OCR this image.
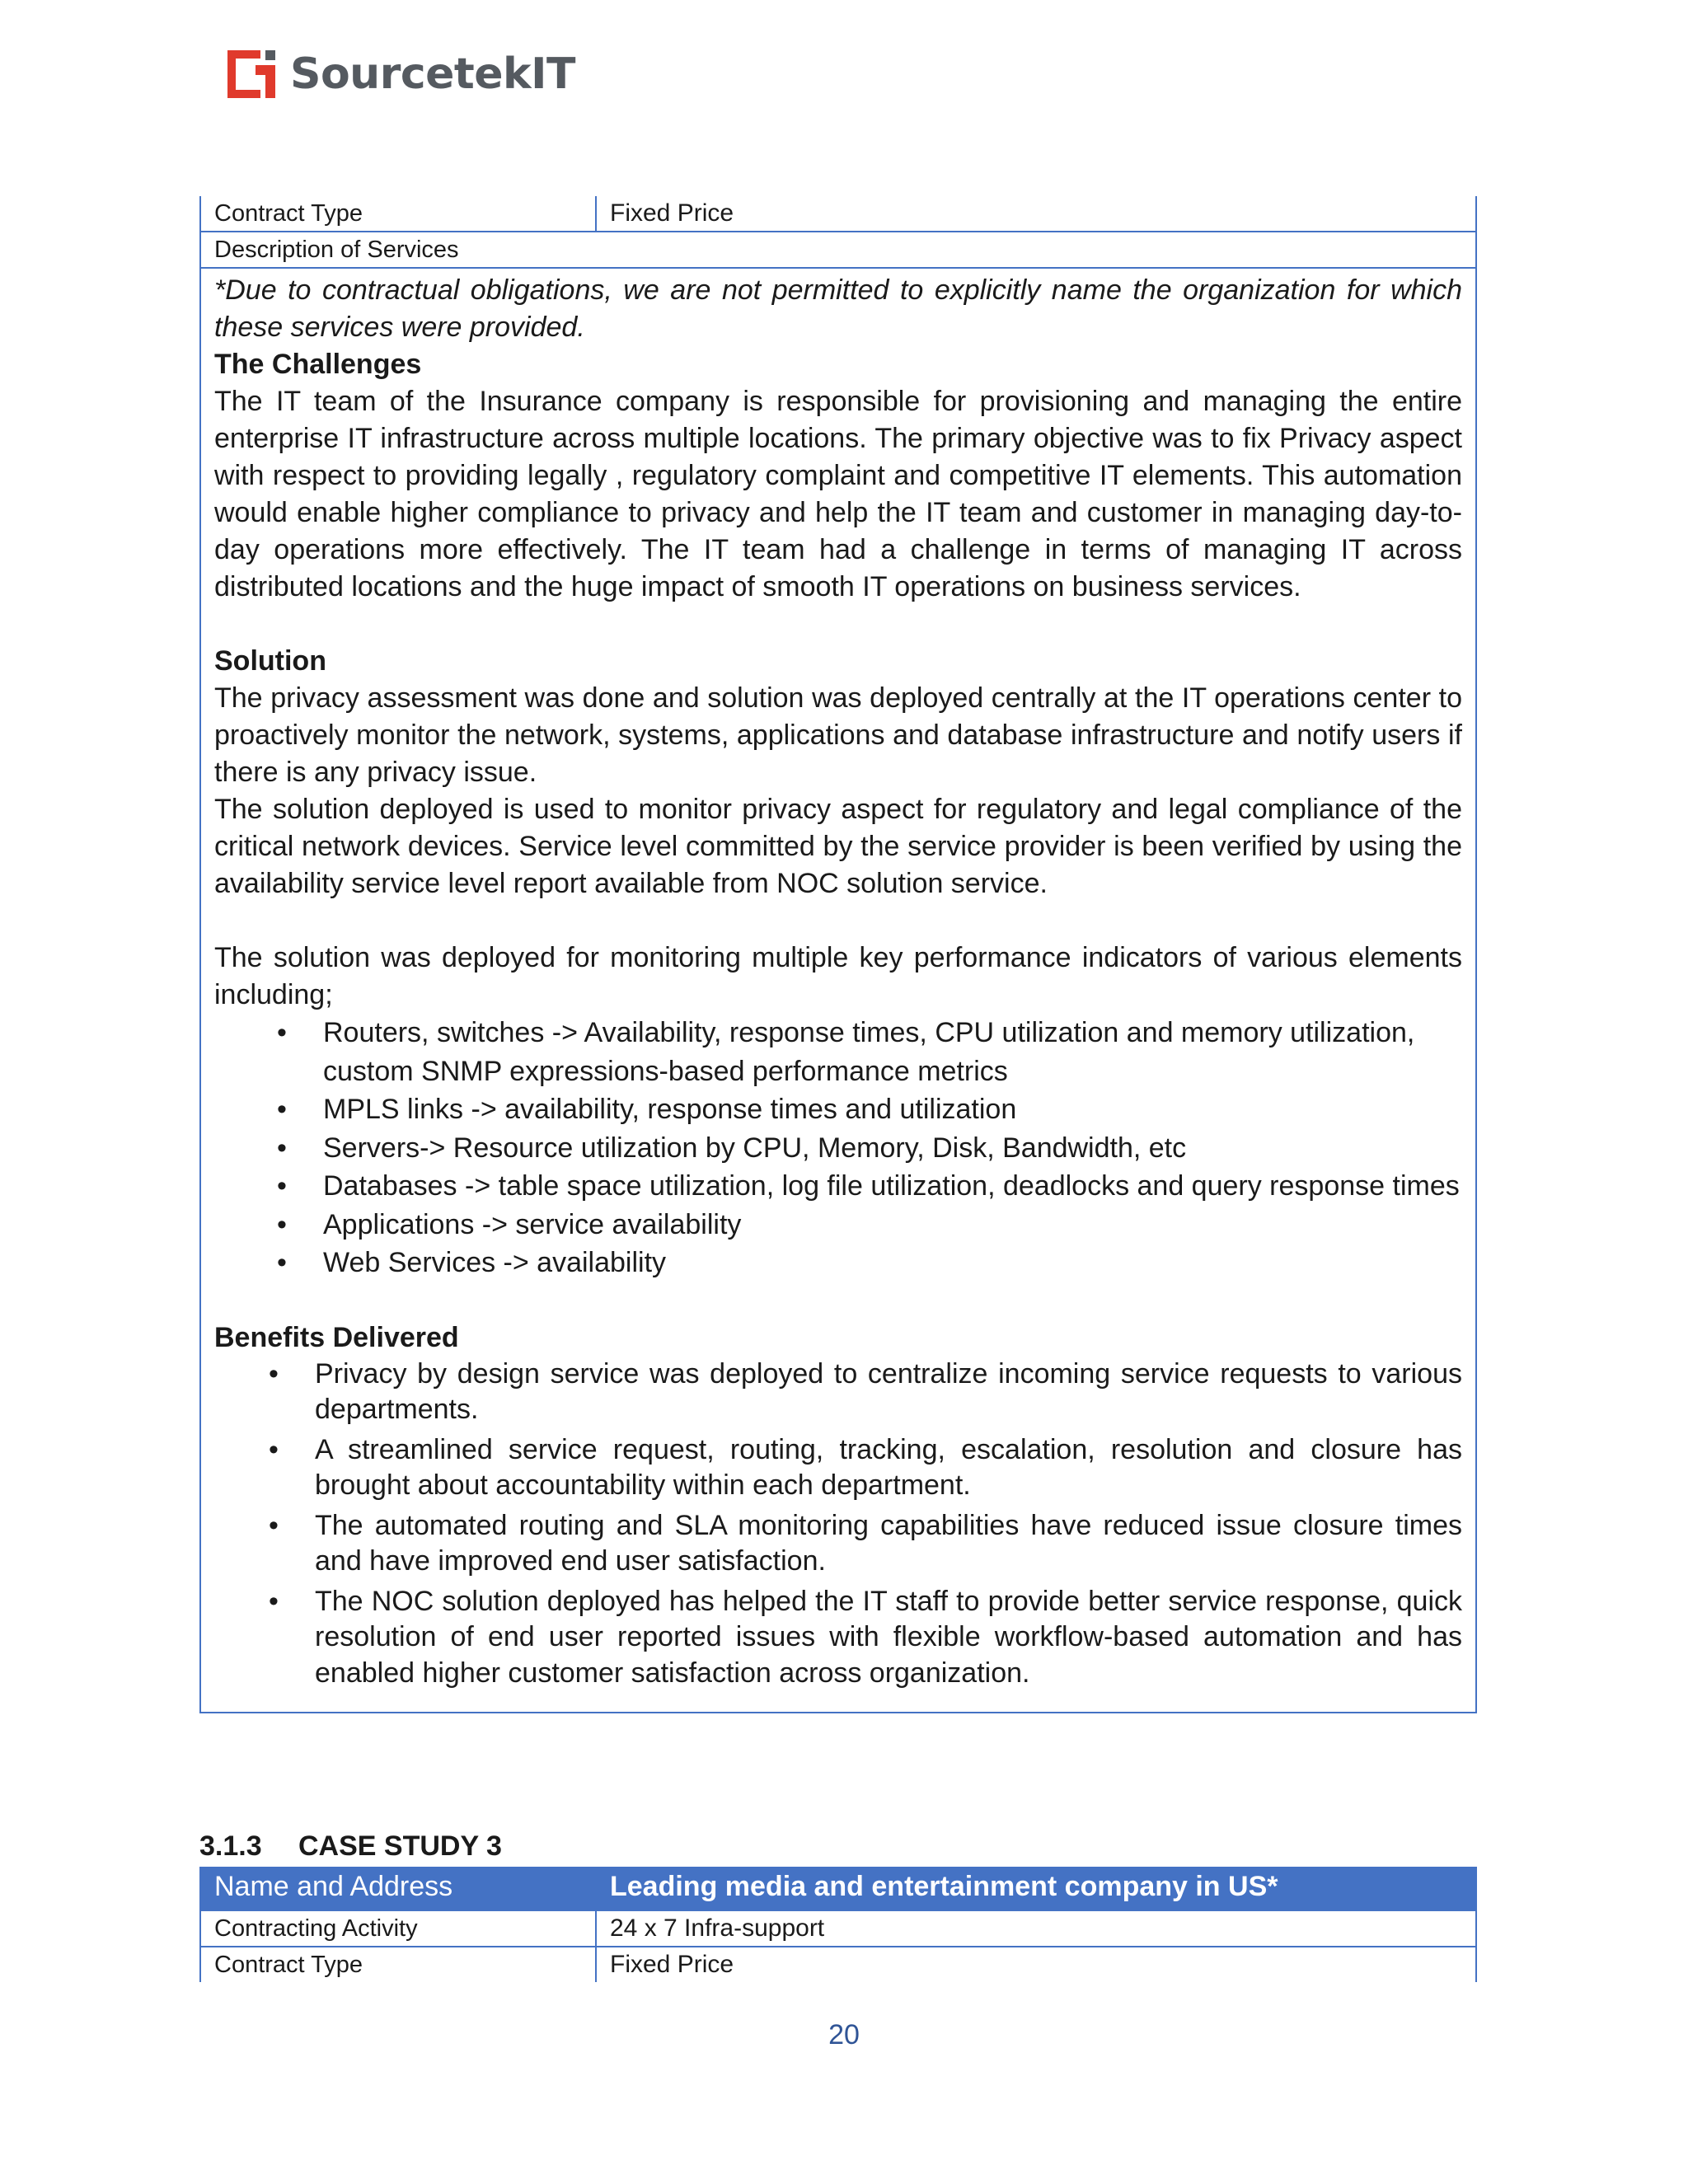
SourcetekIT
Contract Type	Fixed Price
Description of Services

*Due to contractual obligations, we are not permitted to explicitly name the organization for which these services were provided.

The Challenges

The IT team of the Insurance company is responsible for provisioning and managing the entire enterprise IT infrastructure across multiple locations. The primary objective was to fix Privacy aspect with respect to providing legally , regulatory complaint and competitive IT elements. This automation would enable higher compliance to privacy and help the IT team and customer in managing day-to-day operations more effectively. The IT team had a challenge in terms of managing IT across distributed locations and the huge impact of smooth IT operations on business services.

Solution

The privacy assessment was done and solution was deployed centrally at the IT operations center to proactively monitor the network, systems, applications and database infrastructure and notify users if there is any privacy issue.

The solution deployed is used to monitor privacy aspect for regulatory and legal compliance of the critical network devices. Service level committed by the service provider is been verified by using the availability service level report available from NOC solution service.

The solution was deployed for monitoring multiple key performance indicators of various elements including;

• Routers, switches -> Availability, response times, CPU utilization and memory utilization, custom SNMP expressions-based performance metrics
• MPLS links -> availability, response times and utilization
• Servers-> Resource utilization by CPU, Memory, Disk, Bandwidth, etc
• Databases -> table space utilization, log file utilization, deadlocks and query response times
• Applications -> service availability
• Web Services -> availability

Benefits Delivered

• Privacy by design service was deployed to centralize incoming service requests to various departments.
• A streamlined service request, routing, tracking, escalation, resolution and closure has brought about accountability within each department.
• The automated routing and SLA monitoring capabilities have reduced issue closure times and have improved end user satisfaction.
• The NOC solution deployed has helped the IT staff to provide better service response, quick resolution of end user reported issues with flexible workflow-based automation and has enabled higher customer satisfaction across organization.
3.1.3	CASE STUDY 3
Name and Address	Leading media and entertainment company in US*
Contracting Activity	24 x 7 Infra-support
Contract Type	Fixed Price
20
